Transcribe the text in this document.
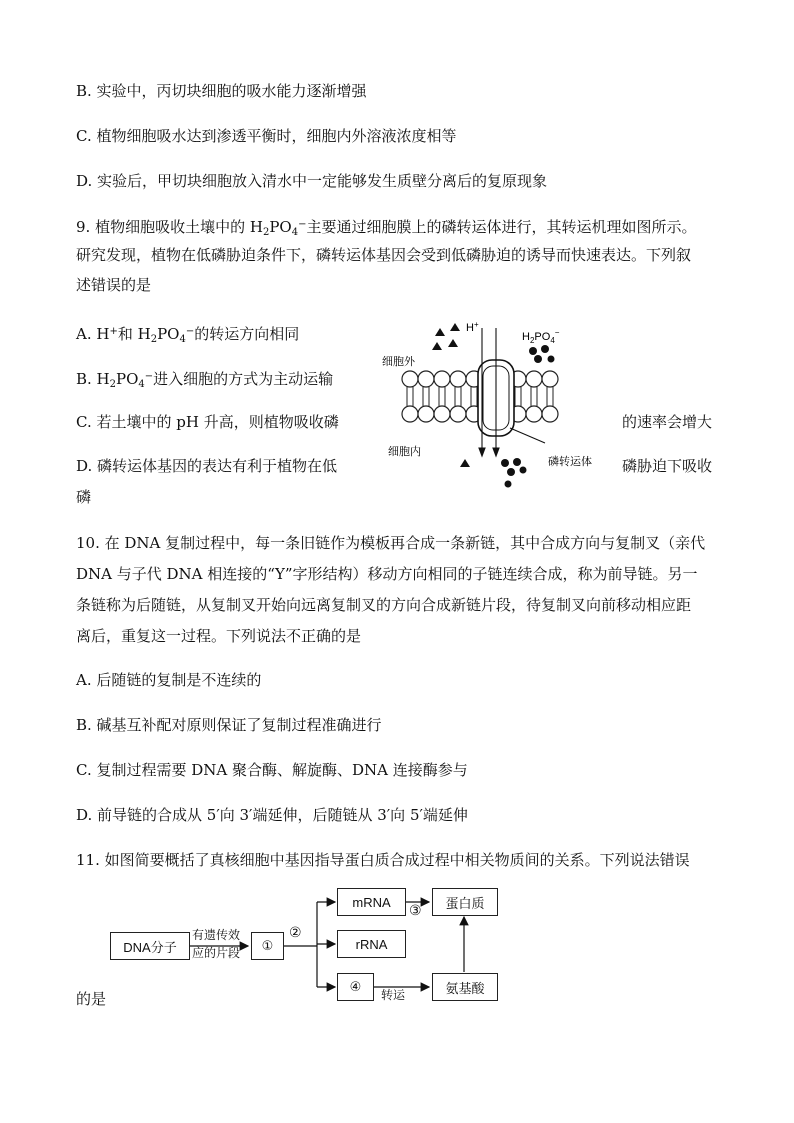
B. 实验中，丙切块细胞的吸水能力逐渐增强
C. 植物细胞吸水达到渗透平衡时，细胞内外溶液浓度相等
D. 实验后，甲切块细胞放入清水中一定能够发生质壁分离后的复原现象
9. 植物细胞吸收土壤中的 $H_2PO_4^-$主要通过细胞膜上的磷转运体进行，其转运机理如图所示。
研究发现，植物在低磷胁迫条件下，磷转运体基因会受到低磷胁迫的诱导而快速表达。下列叙
述错误的是
A. H+和 $H_2PO_4^-$的转运方向相同
B. $H_2PO_4^-$进入细胞的方式为主动运输
C. 若土壤中的 pH 升高，则植物吸收磷	的速率会增大
D. 磷转运体基因的表达有利于植物在低	磷胁迫下吸收
磷
细胞外
细胞内
H+
$H_2PO_4^-$
磷转运体
10. 在 DNA 复制过程中，每一条旧链作为模板再合成一条新链，其中合成方向与复制叉（亲代
DNA 与子代 DNA 相连接的“Y”字形结构）移动方向相同的子链连续合成，称为前导链。另一
条链称为后随链，从复制叉开始向远离复制叉的方向合成新链片段，待复制叉向前移动相应距
离后，重复这一过程。下列说法不正确的是
A. 后随链的复制是不连续的
B. 碱基互补配对原则保证了复制过程准确进行
C. 复制过程需要 DNA 聚合酶、解旋酶、DNA 连接酶参与
D. 前导链的合成从 5′向 3′端延伸，后随链从 3′向 5′端延伸
11. 如图简要概括了真核细胞中基因指导蛋白质合成过程中相关物质间的关系。下列说法错误
的是
DNA分子
有遗传效
应的片段	①
②
mRNA
rRNA
④
③	蛋白质
氨基酸
转运
